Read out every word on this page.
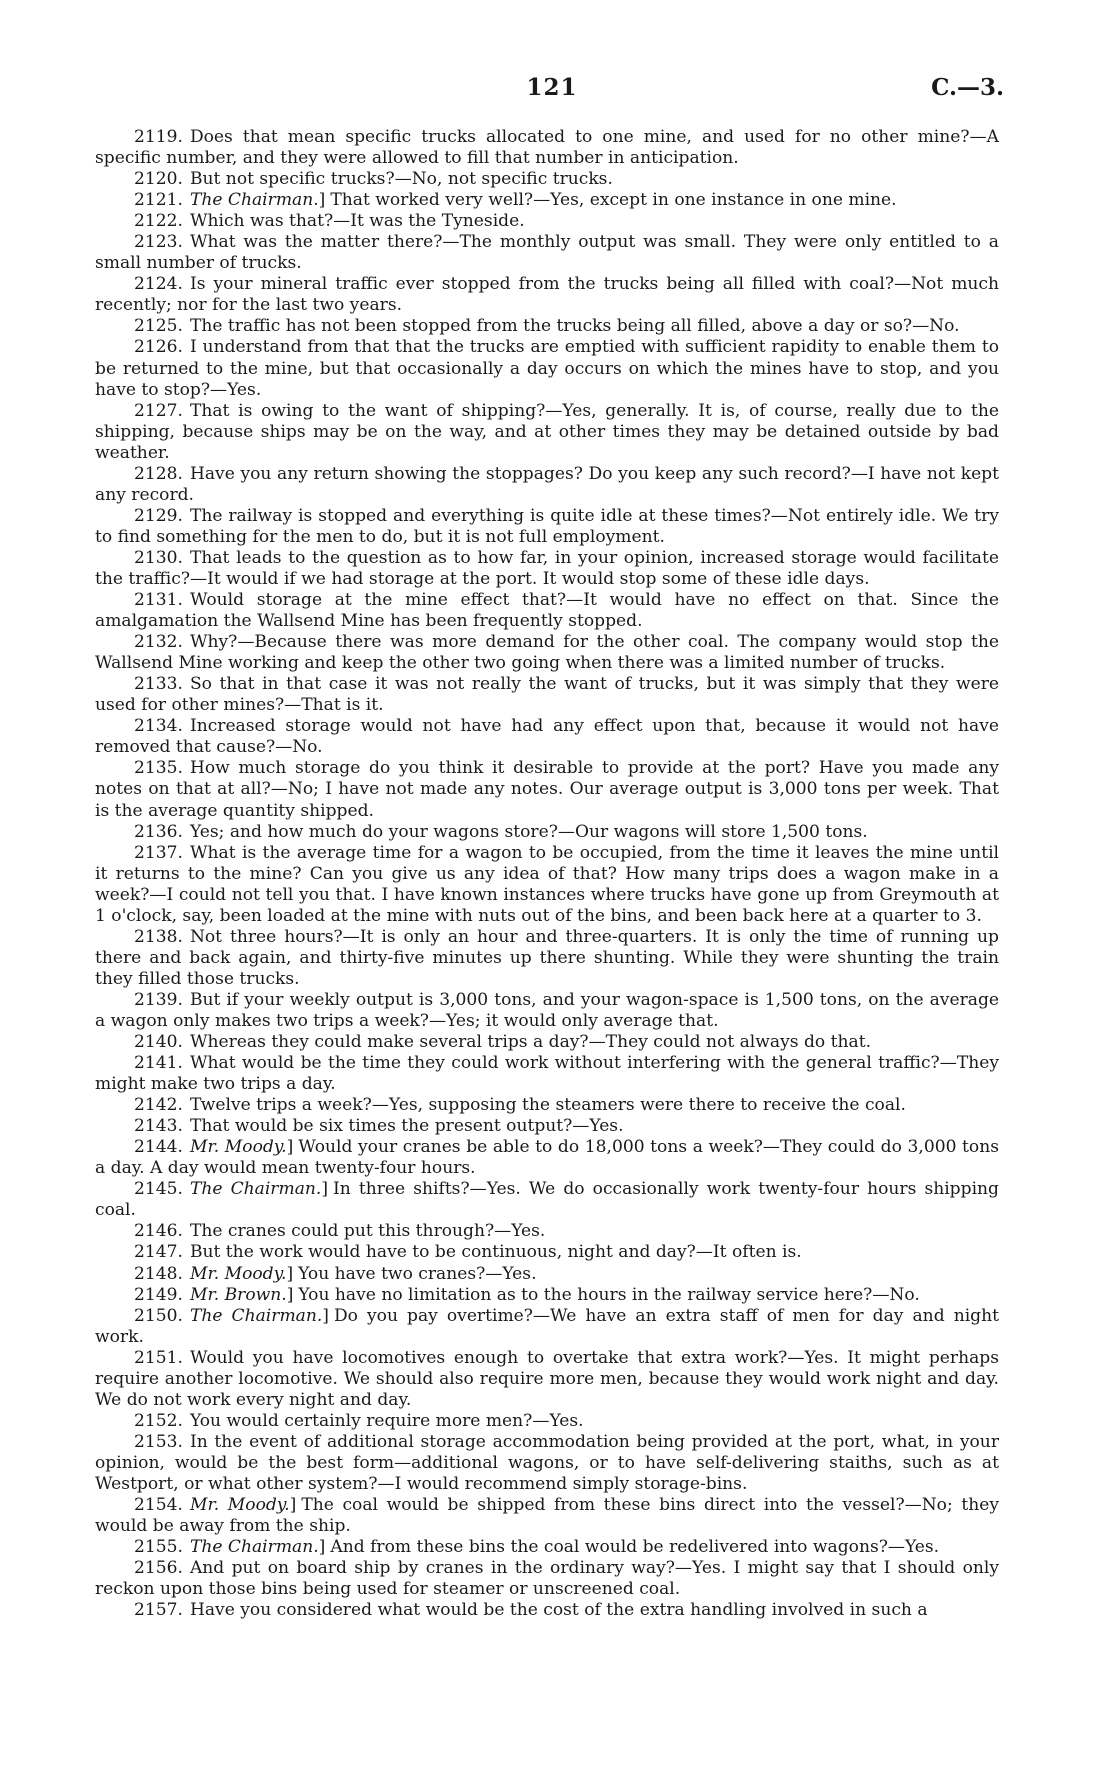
121	C.—3.

2119. Does that mean specific trucks allocated to one mine, and used for no other mine?—A specific number, and they were allowed to fill that number in anticipation.

2120. But not specific trucks?—No, not specific trucks.

2121. The Chairman.] That worked very well?—Yes, except in one instance in one mine.

2122. Which was that?—It was the Tyneside.

2123. What was the matter there?—The monthly output was small. They were only entitled to a small number of trucks.

2124. Is your mineral traffic ever stopped from the trucks being all filled with coal?—Not much recently; nor for the last two years.

2125. The traffic has not been stopped from the trucks being all filled, above a day or so?—No.

2126. I understand from that that the trucks are emptied with sufficient rapidity to enable them to be returned to the mine, but that occasionally a day occurs on which the mines have to stop, and you have to stop?—Yes.

2127. That is owing to the want of shipping?—Yes, generally. It is, of course, really due to the shipping, because ships may be on the way, and at other times they may be detained outside by bad weather.

2128. Have you any return showing the stoppages? Do you keep any such record?—I have not kept any record.

2129. The railway is stopped and everything is quite idle at these times?—Not entirely idle. We try to find something for the men to do, but it is not full employment.

2130. That leads to the question as to how far, in your opinion, increased storage would facilitate the traffic?—It would if we had storage at the port. It would stop some of these idle days.

2131. Would storage at the mine effect that?—It would have no effect on that. Since the amalgamation the Wallsend Mine has been frequently stopped.

2132. Why?—Because there was more demand for the other coal. The company would stop the Wallsend Mine working and keep the other two going when there was a limited number of trucks.

2133. So that in that case it was not really the want of trucks, but it was simply that they were used for other mines?—That is it.

2134. Increased storage would not have had any effect upon that, because it would not have removed that cause?—No.

2135. How much storage do you think it desirable to provide at the port? Have you made any notes on that at all?—No; I have not made any notes. Our average output is 3,000 tons per week. That is the average quantity shipped.

2136. Yes; and how much do your wagons store?—Our wagons will store 1,500 tons.

2137. What is the average time for a wagon to be occupied, from the time it leaves the mine until it returns to the mine? Can you give us any idea of that? How many trips does a wagon make in a week?—I could not tell you that. I have known instances where trucks have gone up from Greymouth at 1 o'clock, say, been loaded at the mine with nuts out of the bins, and been back here at a quarter to 3.

2138. Not three hours?—It is only an hour and three-quarters. It is only the time of running up there and back again, and thirty-five minutes up there shunting. While they were shunting the train they filled those trucks.

2139. But if your weekly output is 3,000 tons, and your wagon-space is 1,500 tons, on the average a wagon only makes two trips a week?—Yes; it would only average that.

2140. Whereas they could make several trips a day?—They could not always do that.

2141. What would be the time they could work without interfering with the general traffic?—They might make two trips a day.

2142. Twelve trips a week?—Yes, supposing the steamers were there to receive the coal.

2143. That would be six times the present output?—Yes.

2144. Mr. Moody.] Would your cranes be able to do 18,000 tons a week?—They could do 3,000 tons a day. A day would mean twenty-four hours.

2145. The Chairman.] In three shifts?—Yes. We do occasionally work twenty-four hours shipping coal.

2146. The cranes could put this through?—Yes.

2147. But the work would have to be continuous, night and day?—It often is.

2148. Mr. Moody.] You have two cranes?—Yes.

2149. Mr. Brown.] You have no limitation as to the hours in the railway service here?—No.

2150. The Chairman.] Do you pay overtime?—We have an extra staff of men for day and night work.

2151. Would you have locomotives enough to overtake that extra work?—Yes. It might perhaps require another locomotive. We should also require more men, because they would work night and day. We do not work every night and day.

2152. You would certainly require more men?—Yes.

2153. In the event of additional storage accommodation being provided at the port, what, in your opinion, would be the best form—additional wagons, or to have self-delivering staiths, such as at Westport, or what other system?—I would recommend simply storage-bins.

2154. Mr. Moody.] The coal would be shipped from these bins direct into the vessel?—No; they would be away from the ship.

2155. The Chairman.] And from these bins the coal would be redelivered into wagons?—Yes.

2156. And put on board ship by cranes in the ordinary way?—Yes. I might say that I should only reckon upon those bins being used for steamer or unscreened coal.

2157. Have you considered what would be the cost of the extra handling involved in such a
